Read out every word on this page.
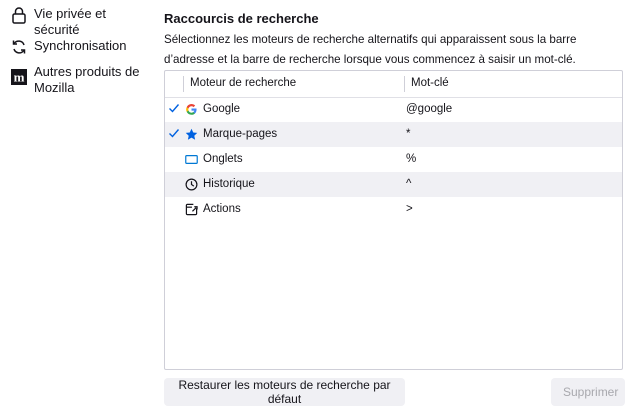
Vie privée et sécurité
Synchronisation
m Autres produits de Mozilla
Raccourcis de recherche
Sélectionnez les moteurs de recherche alternatifs qui apparaissent sous la barre d’adresse et la barre de recherche lorsque vous commencez à saisir un mot-clé.
Moteur de recherche	Mot-clé
Google	@google
Marque-pages	*
Onglets	%
Historique	^
Actions	>
Restaurer les moteurs de recherche par défaut	Supprimer
